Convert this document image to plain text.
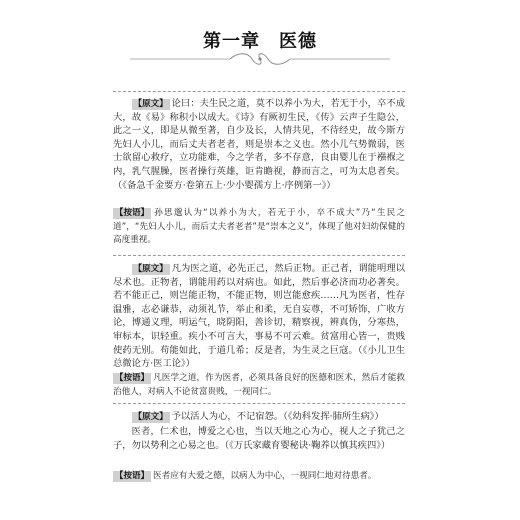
第一章　医德
【原文】 论曰：夫生民之道，莫不以养小为大，若无于小，卒不成大，故《易》称积小以成大。《诗》有厥初生民，《传》云声子生隐公，此之一义，即是从微至著，自少及长，人情共见，不待经史，故今斯方先妇人小儿，而后丈夫者老者，则是崇本之义也。然小儿气势微弱，医士欲留心救疗，立功能难，今之学者，多不存意，良由婴儿在于襁褓之内，乳气腥臊，医者操行英雄，讵肯瞻视，静而言之，可为太息者矣。（《备急千金要方·卷第五上·少小婴孺方上·序例第一》）
【按语】 孙思邈认为“以养小为大，若无于小，卒不成大”乃“生民之道”，“先妇人小儿，而后丈夫者老者”是“崇本之义”，体现了他对妇幼保健的高度重视。
【原文】 凡为医之道，必先正己，然后正物。正己者，谓能明理以尽术也。正物者，谓能用药以对病也。如此，然后事必济而功必著矣。若不能正己，则岂能正物，不能正物，则岂能愈疾……凡为医者，性存温雅，志必谦恭，动须礼节，举止和柔，无自妄尊，不可矫饰，广收方论，博通义理，明运气，晓阴阳，善诊切，精察视，辨真伪，分寒热，审标本，识轻重。疾小不可言大，事易不可云难。贫富用心皆一，贵贱使药无别。苟能如此，于道几希；反是者，为生灵之巨寇。（《小儿卫生总微论方·医工论》）
【按语】 凡医学之道，作为医者，必须具备良好的医德和医术，然后才能救治他人，对病人不论贫富贵贱，一视同仁。
【原文】 予以活人为心，不记宿怨。（《幼科发挥·肺所生病》）
医者，仁术也，博爱之心也，当以天地之心为心，视人之子犹己之子，勿以势利之心易之也。（《万氏家藏育婴秘诀·鞠养以慎其疾四》）
【按语】 医者应有大爱之德，以病人为中心，一视同仁地对待患者。
